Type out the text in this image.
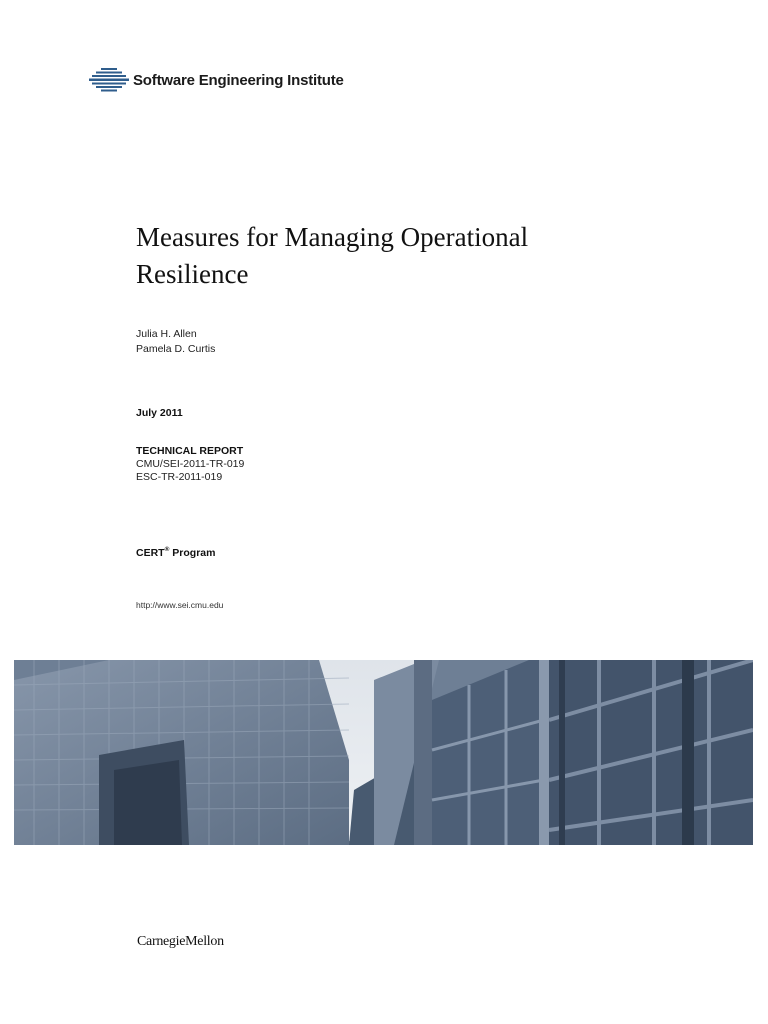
Software Engineering Institute
Measures for Managing Operational
Resilience
Julia H. Allen
Pamela D. Curtis
July 2011
TECHNICAL REPORT
CMU/SEI-2011-TR-019
ESC-TR-2011-019
CERT® Program
http://www.sei.cmu.edu
CarnegieMellon
